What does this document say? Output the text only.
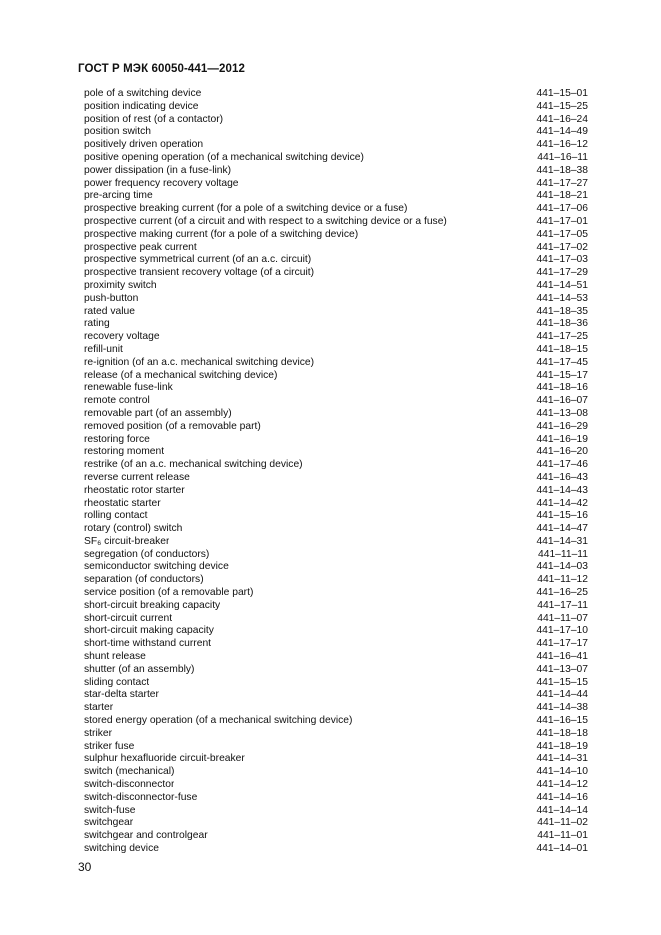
ГОСТ Р МЭК 60050-441—2012
pole of a switching device	441–15–01
position indicating device	441–15–25
position of rest (of a contactor)	441–16–24
position switch	441–14–49
positively driven operation	441–16–12
positive opening operation (of a mechanical switching device)	441–16–11
power dissipation (in a fuse-link)	441–18–38
power frequency recovery voltage	441–17–27
pre-arcing time	441–18–21
prospective breaking current (for a pole of a switching device or a fuse)	441–17–06
prospective current (of a circuit and with respect to a switching device or a fuse)	441–17–01
prospective making current (for a pole of a switching device)	441–17–05
prospective peak current	441–17–02
prospective symmetrical current (of an a.c. circuit)	441–17–03
prospective transient recovery voltage (of a circuit)	441–17–29
proximity switch	441–14–51
push-button	441–14–53
rated value	441–18–35
rating	441–18–36
recovery voltage	441–17–25
refill-unit	441–18–15
re-ignition (of an a.c. mechanical switching device)	441–17–45
release (of a mechanical switching device)	441–15–17
renewable fuse-link	441–18–16
remote control	441–16–07
removable part (of an assembly)	441–13–08
removed position (of a removable part)	441–16–29
restoring force	441–16–19
restoring moment	441–16–20
restrike (of an a.c. mechanical switching device)	441–17–46
reverse current release	441–16–43
rheostatic rotor starter	441–14–43
rheostatic starter	441–14–42
rolling contact	441–15–16
rotary (control) switch	441–14–47
SF₆ circuit-breaker	441–14–31
segregation (of conductors)	441–11–11
semiconductor switching device	441–14–03
separation (of conductors)	441–11–12
service position (of a removable part)	441–16–25
short-circuit breaking capacity	441–17–11
short-circuit current	441–11–07
short-circuit making capacity	441–17–10
short-time withstand current	441–17–17
shunt release	441–16–41
shutter (of an assembly)	441–13–07
sliding contact	441–15–15
star-delta starter	441–14–44
starter	441–14–38
stored energy operation (of a mechanical switching device)	441–16–15
striker	441–18–18
striker fuse	441–18–19
sulphur hexafluoride circuit-breaker	441–14–31
switch (mechanical)	441–14–10
switch-disconnector	441–14–12
switch-disconnector-fuse	441–14–16
switch-fuse	441–14–14
switchgear	441–11–02
switchgear and controlgear	441–11–01
switching device	441–14–01
30
